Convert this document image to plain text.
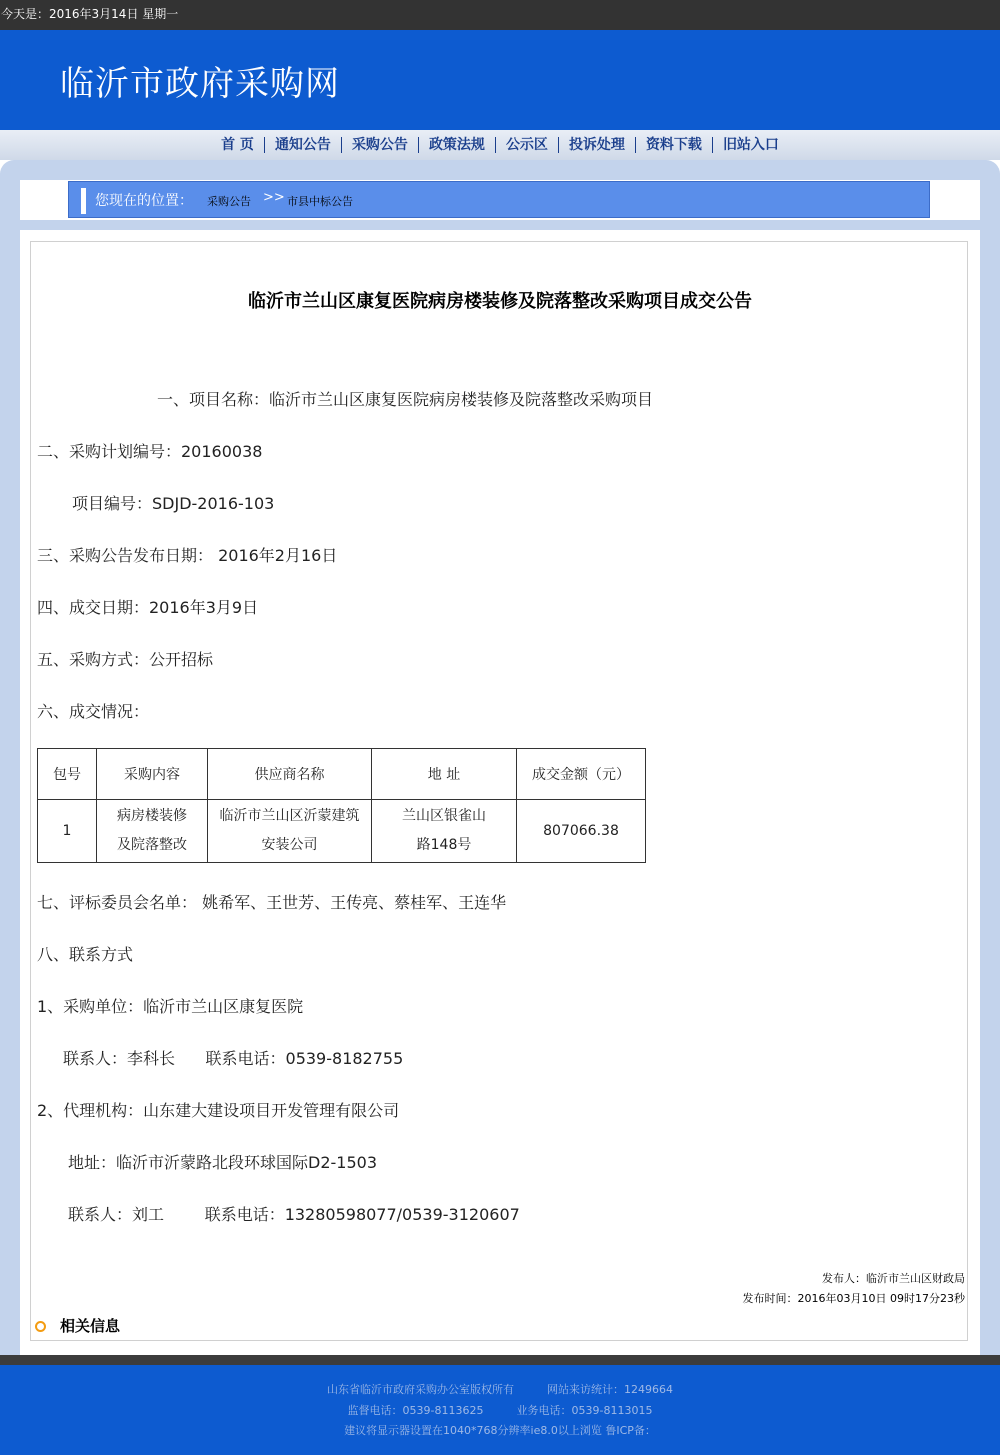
今天是：2016年3月14日 星期一
临沂市政府采购网
首 页 通知公告 采购公告 政策法规 公示区 投诉处理 资料下载 旧站入口
您现在的位置： 采购公告 >> 市县中标公告
临沂市兰山区康复医院病房楼装修及院落整改采购项目成交公告
一、项目名称：临沂市兰山区康复医院病房楼装修及院落整改采购项目
二、采购计划编号：20160038
项目编号：SDJD-2016-103
三、采购公告发布日期： 2016年2月16日
四、成交日期：2016年3月9日
五、采购方式：公开招标
六、成交情况：
包号	采购内容	供应商名称	地 址	成交金额（元）
1	病房楼装修及院落整改	临沂市兰山区沂蒙建筑安装公司	兰山区银雀山路148号	807066.38
七、评标委员会名单： 姚希军、王世芳、王传亮、蔡桂军、王连华
八、联系方式
1、采购单位：临沂市兰山区康复医院
联系人：李科长      联系电话：0539-8182755
2、代理机构：山东建大建设项目开发管理有限公司
地址：临沂市沂蒙路北段环球国际D2-1503
联系人：刘工        联系电话：13280598077/0539-3120607
发布人：临沂市兰山区财政局
发布时间：2016年03月10日 09时17分23秒
相关信息
山东省临沂市政府采购办公室版权所有　　　网站来访统计：1249664
监督电话：0539-8113625　　　业务电话：0539-8113015
建议将显示器设置在1040*768分辨率ie8.0以上浏览 鲁ICP备：
